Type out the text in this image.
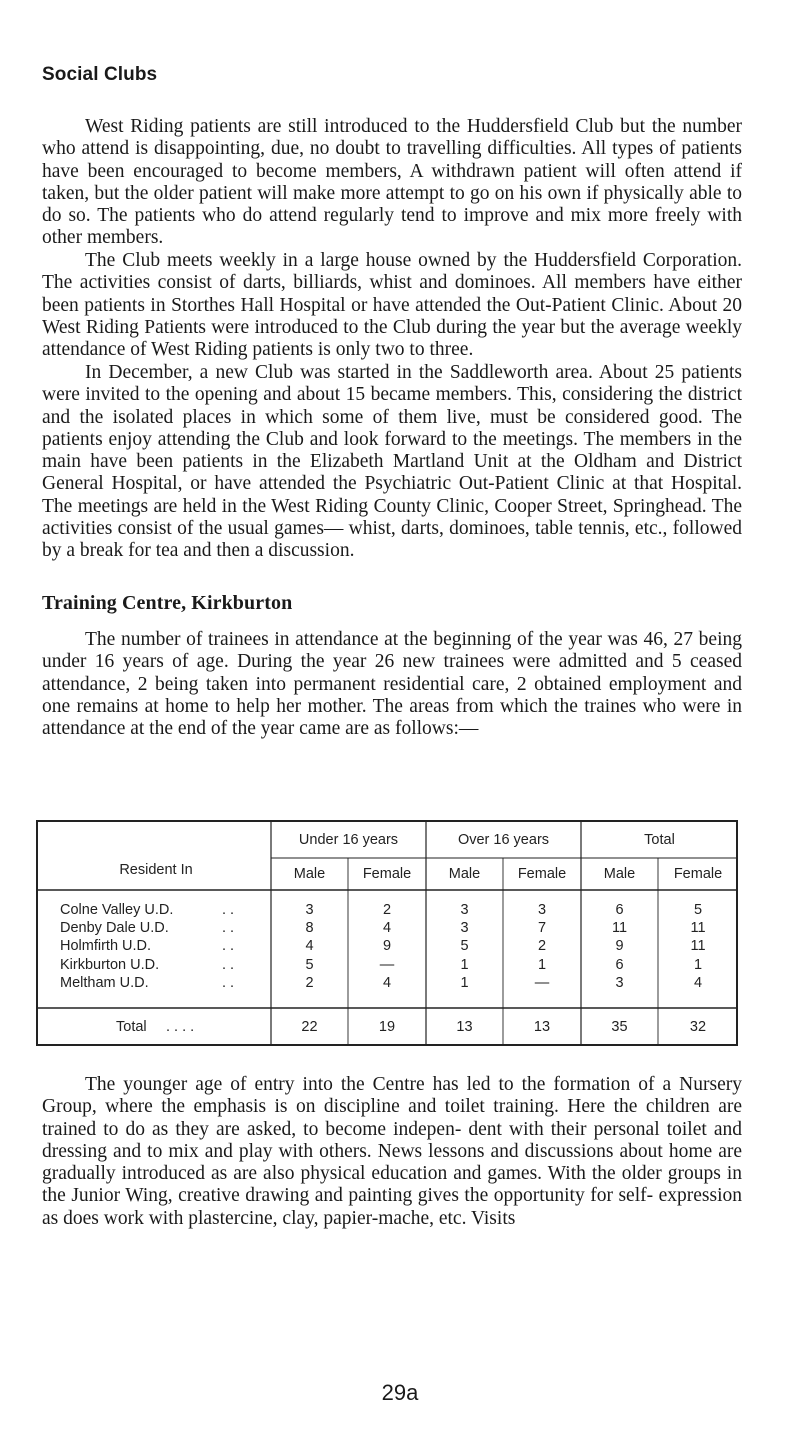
Social Clubs

West Riding patients are still introduced to the Huddersfield Club but the number who attend is disappointing, due, no doubt to travelling difficulties. All types of patients have been encouraged to become members, A withdrawn patient will often attend if taken, but the older patient will make more attempt to go on his own if physically able to do so. The patients who do attend regularly tend to improve and mix more freely with other members.

The Club meets weekly in a large house owned by the Huddersfield Corporation. The activities consist of darts, billiards, whist and dominoes. All members have either been patients in Storthes Hall Hospital or have attended the Out-Patient Clinic. About 20 West Riding Patients were introduced to the Club during the year but the average weekly attendance of West Riding patients is only two to three.

In December, a new Club was started in the Saddleworth area. About 25 patients were invited to the opening and about 15 became members. This, considering the district and the isolated places in which some of them live, must be considered good. The patients enjoy attending the Club and look forward to the meetings. The members in the main have been patients in the Elizabeth Martland Unit at the Oldham and District General Hospital, or have attended the Psychiatric Out-Patient Clinic at that Hospital. The meetings are held in the West Riding County Clinic, Cooper Street, Springhead. The activities consist of the usual games— whist, darts, dominoes, table tennis, etc., followed by a break for tea and then a discussion.

Training Centre, Kirkburton

The number of trainees in attendance at the beginning of the year was 46, 27 being under 16 years of age. During the year 26 new trainees were admitted and 5 ceased attendance, 2 being taken into permanent residential care, 2 obtained employment and one remains at home to help her mother. The areas from which the traines who were in attendance at the end of the year came are as follows:—

Resident In
Under 16 years	Over 16 years	Total
Male	Female	Male	Female	Male	Female
Colne Valley U.D.	. .	3	2	3	3	6	5
Denby Dale U.D.	. .	8	4	3	7	11	11
Holmfirth U.D.	. .	4	9	5	2	9	11
Kirkburton U.D.	. .	5	—	1	1	6	1
Meltham U.D.	. .	2	4	1	—	3	4
Total . . . .	22	19	13	13	35	32

The younger age of entry into the Centre has led to the formation of a Nursery Group, where the emphasis is on discipline and toilet training. Here the children are trained to do as they are asked, to become indepen- dent with their personal toilet and dressing and to mix and play with others. News lessons and discussions about home are gradually introduced as are also physical education and games. With the older groups in the Junior Wing, creative drawing and painting gives the opportunity for self- expression as does work with plastercine, clay, papier-mache, etc. Visits

29a
